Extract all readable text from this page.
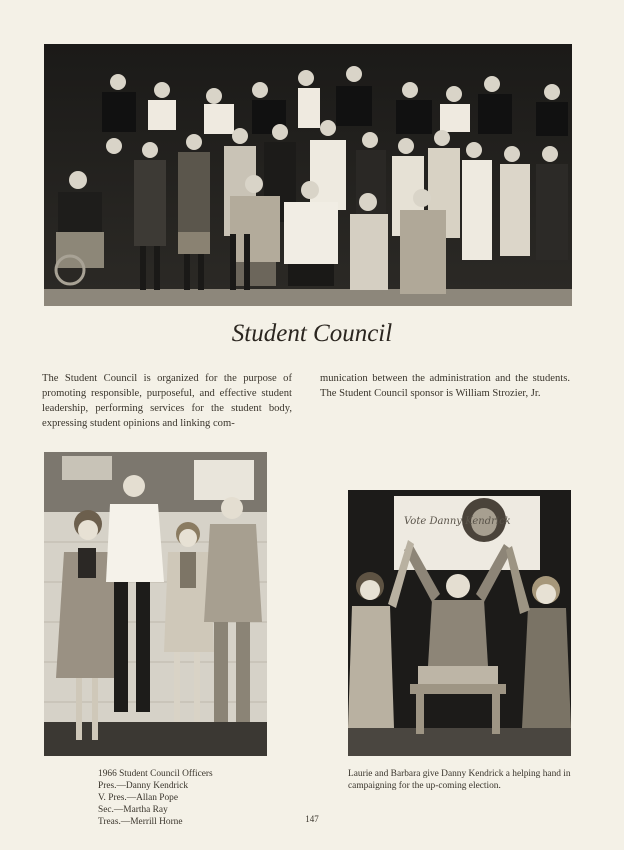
Student Council
The Student Council is organized for the purpose of promoting responsible, purposeful, and effective student leadership, performing services for the student body, expressing student opinions and linking com-
munication between the administration and the students. The Student Council sponsor is William Strozier, Jr.
Vote Danny Kendrick
1966 Student Council Officers
Pres.—Danny Kendrick
V. Pres.—Allan Pope
Sec.—Martha Ray
Treas.—Merrill Horne
Laurie and Barbara give Danny Kendrick a helping hand in campaigning for the up-coming election.
147
